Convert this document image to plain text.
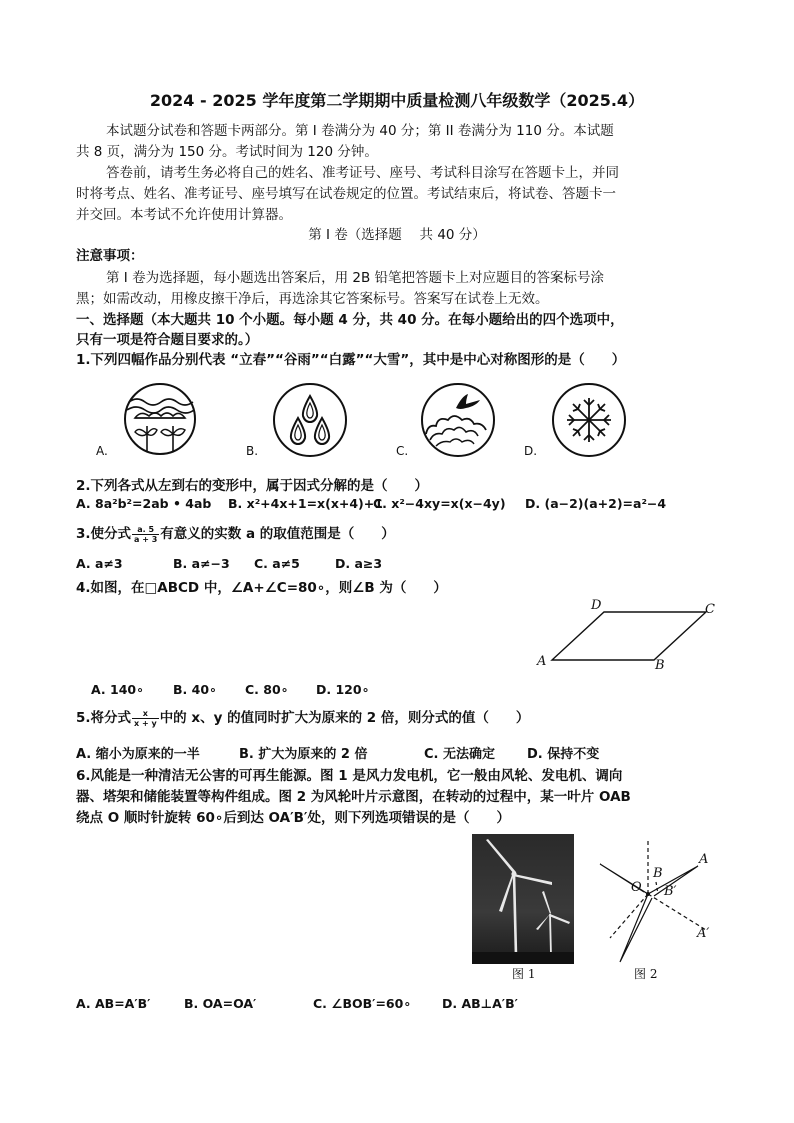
2024 - 2025 学年度第二学期期中质量检测八年级数学（2025.4）
本试题分试卷和答题卡两部分。第 I 卷满分为 40 分；第 II 卷满分为 110 分。本试题
共 8 页，满分为 150 分。考试时间为 120 分钟。
答卷前，请考生务必将自己的姓名、准考证号、座号、考试科目涂写在答题卡上，并同
时将考点、姓名、准考证号、座号填写在试卷规定的位置。考试结束后，将试卷、答题卡一
并交回。本考试不允许使用计算器。
第 I 卷（选择题　 共 40 分）
注意事项：
第 I 卷为选择题，每小题选出答案后，用 2B 铅笔把答题卡上对应题目的答案标号涂
黑；如需改动，用橡皮擦干净后，再选涂其它答案标号。答案写在试卷上无效。
一、选择题（本大题共 10 个小题。每小题 4 分，共 40 分。在每小题给出的四个选项中，
只有一项是符合题目要求的。）
1.下列四幅作品分别代表 “立春”“谷雨”“白露”“大雪”，其中是中心对称图形的是（　　）
A.	B.	C.	D.
2.下列各式从左到右的变形中，属于因式分解的是（　　）
A. 8a²b²=2ab • 4ab B. x²+4x+1=x(x+4)+1
C. x²−4xy=x(x−4y) D. (a−2)(a+2)=a²−4
3.使分式 $\frac{a. 5}{a + 3}$ 有意义的实数 a 的取值范围是（　　）
A. a≠3	B. a≠−3 C. a≠5	D. a≥3
4.如图，在□ABCD 中，∠A+∠C=80∘，则∠B 为（　　）
A	B
C
D
A. 140∘ B. 40∘ C. 80∘ D. 120∘
5.将分式 $\frac{x}{x + y}$ 中的 x、y 的值同时扩大为原来的 2 倍，则分式的值（　　）
A. 缩小为原来的一半	B. 扩大为原来的 2 倍	C. 无法确定 D. 保持不变
6.风能是一种清洁无公害的可再生能源。图 1 是风力发电机，它一般由风轮、发电机、调向
器、塔架和储能装置等构件组成。图 2 为风轮叶片示意图，在转动的过程中，某一叶片 OAB
绕点 O 顺时针旋转 60∘后到达 OA′B′处，则下列选项错误的是（　　）
图 1
O
B
A
B′
A′
图 2
A. AB=A′B′	B. OA=OA′	C. ∠BOB′=60∘ D. AB⊥A′B′
